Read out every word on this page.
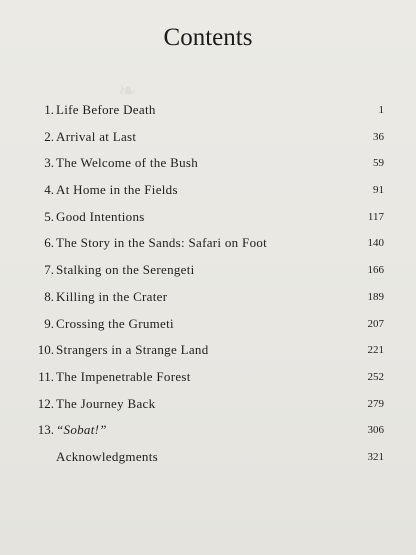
❧
Contents
1. Life Before Death	1
2. Arrival at Last	36
3. The Welcome of the Bush	59
4. At Home in the Fields	91
5. Good Intentions	117
6. The Story in the Sands: Safari on Foot	140
7. Stalking on the Serengeti	166
8. Killing in the Crater	189
9. Crossing the Grumeti	207
10. Strangers in a Strange Land	221
11. The Impenetrable Forest	252
12. The Journey Back	279
13. “Sobat!”	306
Acknowledgments	321
